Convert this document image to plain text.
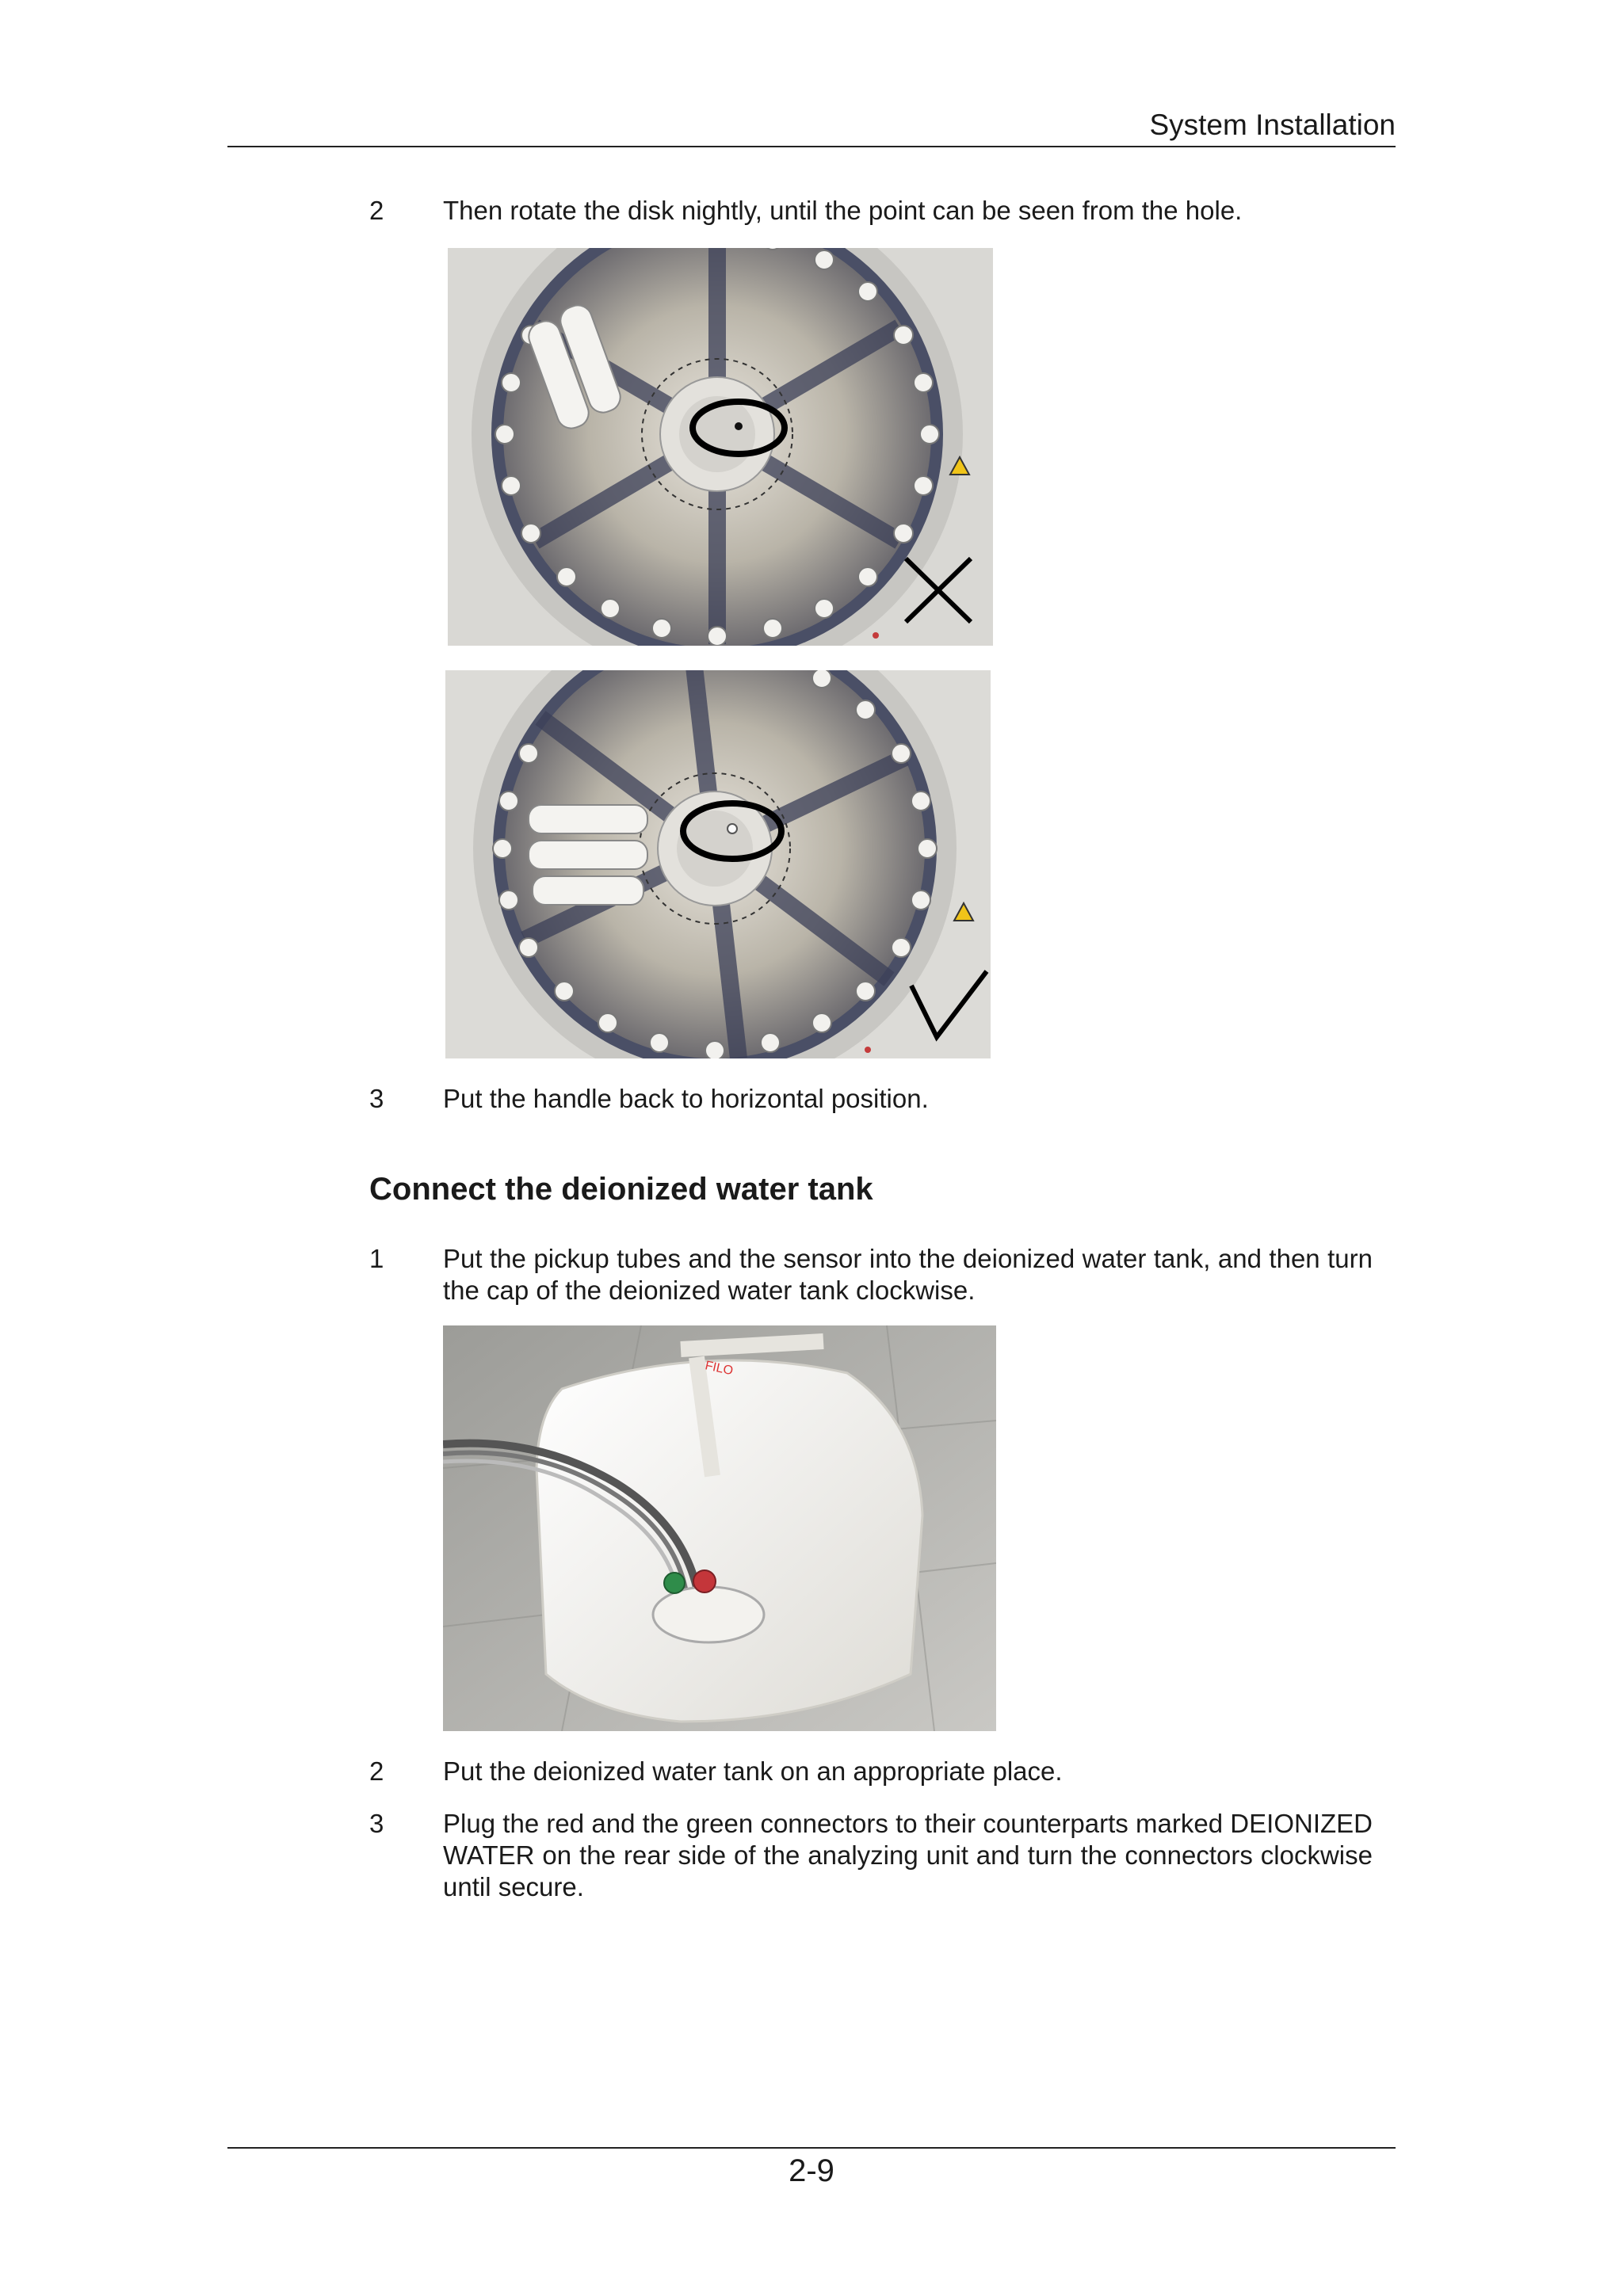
System Installation
2 Then rotate the disk nightly, until the point can be seen from the hole.
3 Put the handle back to horizontal position.
Connect the deionized water tank
1 Put the pickup tubes and the sensor into the deionized water tank, and then turn the cap of the deionized water tank clockwise.
FILO
2 Put the deionized water tank on an appropriate place.
3 Plug the red and the green connectors to their counterparts marked DEIONIZED WATER on the rear side of the analyzing unit and turn the connectors clockwise until secure.
2-9
